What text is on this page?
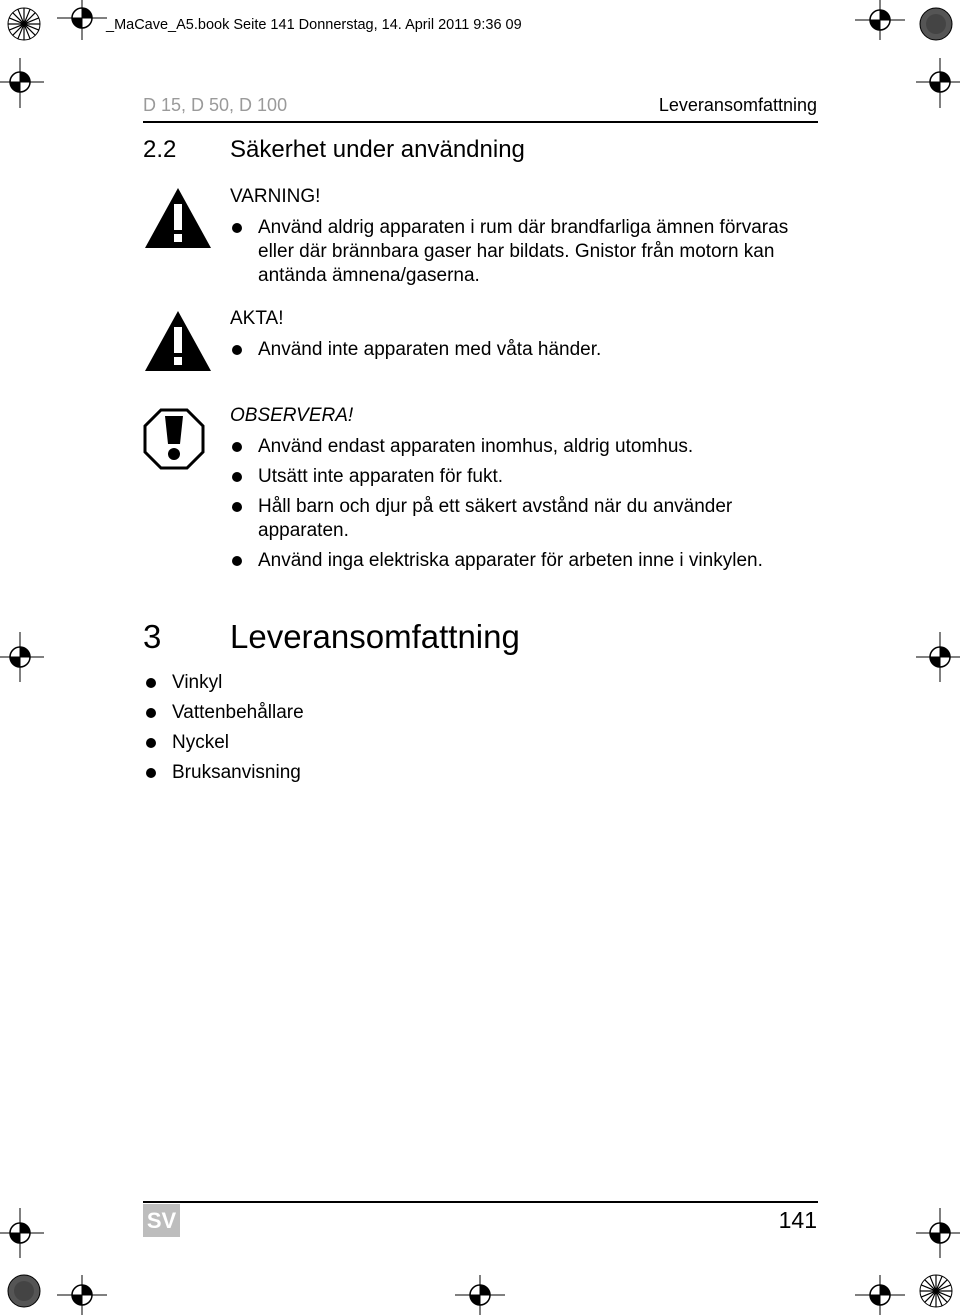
_MaCave_A5.book Seite 141 Donnerstag, 14. April 2011 9:36 09
D 15, D 50, D 100	Leveransomfattning
2.2 Säkerhet under användning
VARNING!
Använd aldrig apparaten i rum där brandfarliga ämnen förvaras
eller där brännbara gaser har bildats. Gnistor från motorn kan
antända ämnena/gaserna.
AKTA!
Använd inte apparaten med våta händer.
OBSERVERA!
Använd endast apparaten inomhus, aldrig utomhus.
Utsätt inte apparaten för fukt.
Håll barn och djur på ett säkert avstånd när du använder
apparaten.
Använd inga elektriska apparater för arbeten inne i vinkylen.
3 Leveransomfattning
Vinkyl
Vattenbehållare
Nyckel
Bruksanvisning
SV	141
